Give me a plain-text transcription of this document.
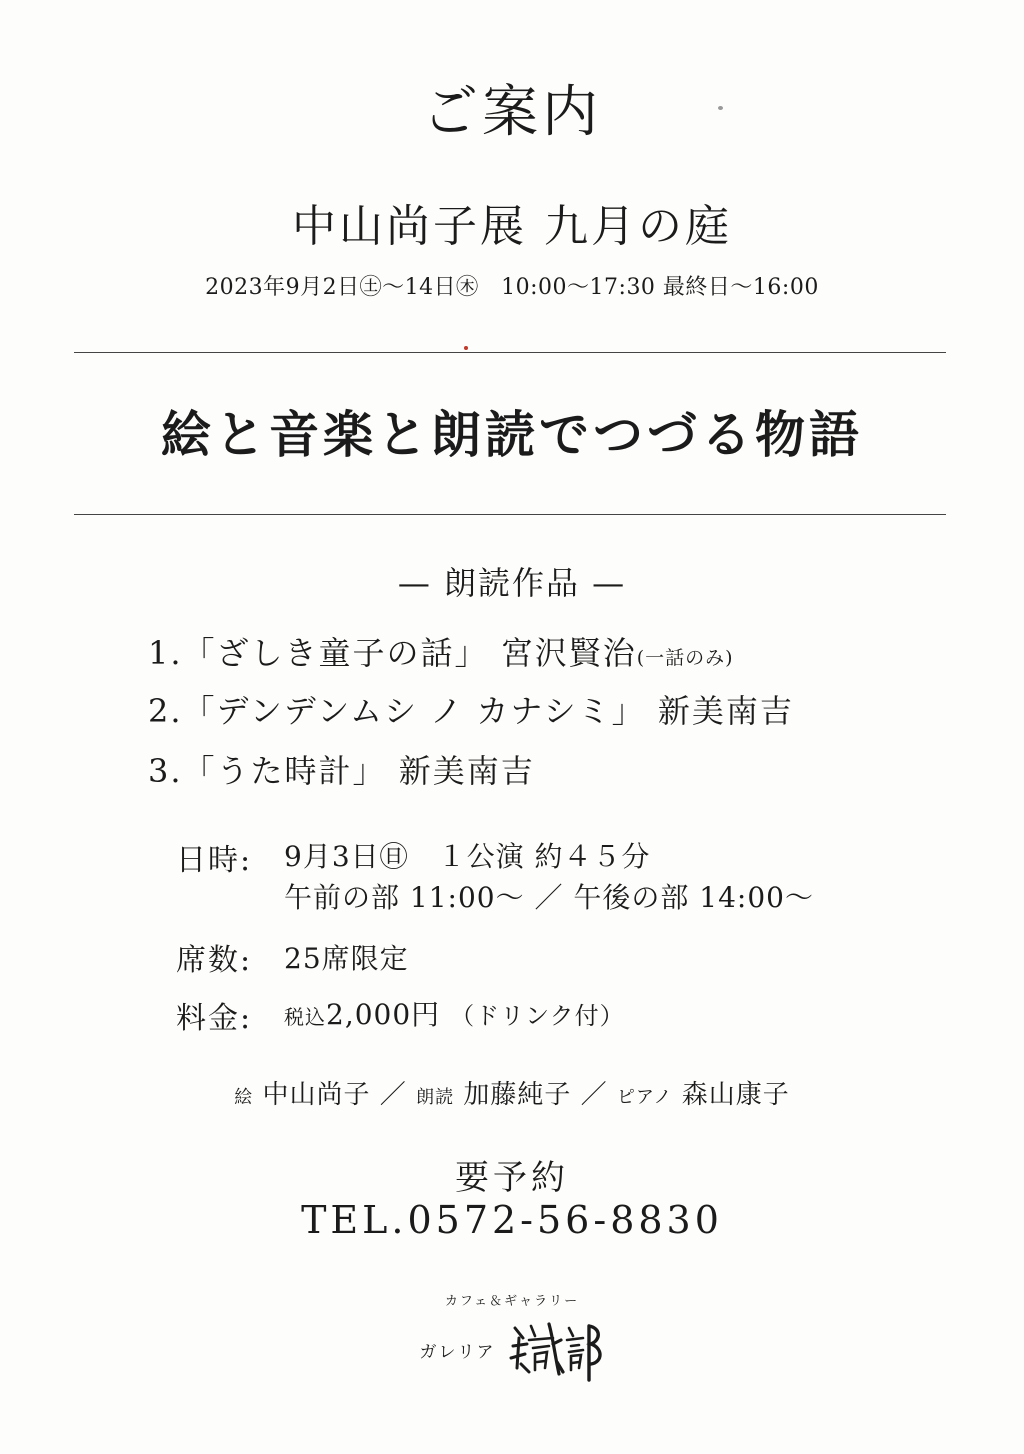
ご案内
中山尚子展 九月の庭
2023年9月2日㊏～14日㊍　10:00～17:30 最終日～16:00
絵と音楽と朗読でつづる物語
— 朗読作品 —
1.「ざしき童子の話」 宮沢賢治(一話のみ)
2.「デンデンムシ ノ カナシミ」 新美南吉
3.「うた時計」 新美南吉
日時: 9月3日㊐　１公演 約４５分
午前の部 11:00～ ／ 午後の部 14:00～
席数: 25席限定
料金: 税込2,000円 （ドリンク付）
絵 中山尚子 ／ 朗読 加藤純子 ／ ピアノ 森山康子
要予約
TEL.0572-56-8830
カフェ＆ギャラリー
ガレリア
